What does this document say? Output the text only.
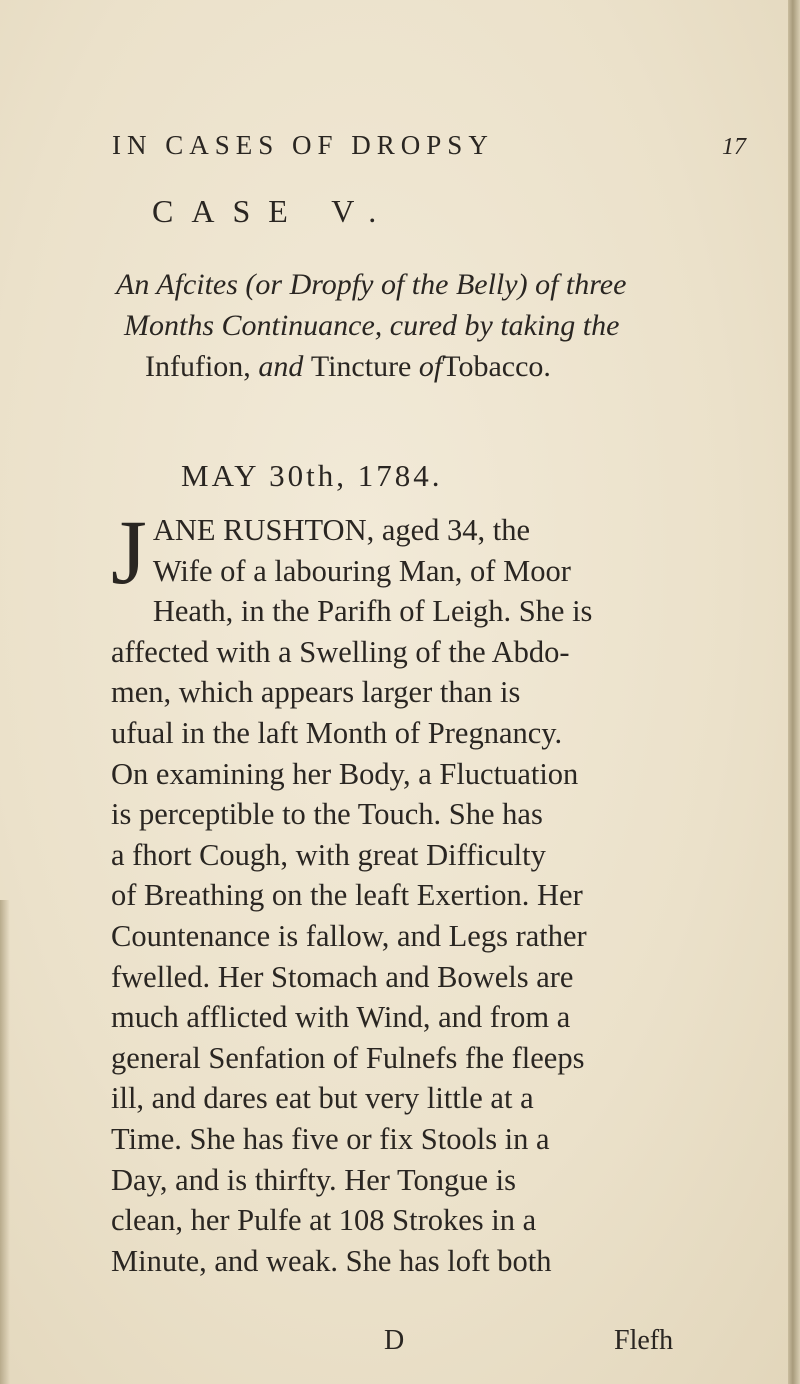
IN CASES OF DROPSY	17
CASE V.
An Afcites (or Dropfy of the Belly) of three
Months Continuance, cured by taking the
Infufion, and Tincture ofTobacco.
MAY 30th, 1784.
J ANE RUSHTON, aged 34, the
Wife of a labouring Man, of Moor
Heath, in the Parifh of Leigh. She is
affected with a Swelling of the Abdo-
men, which appears larger than is
ufual in the laft Month of Pregnancy.
On examining her Body, a Fluctuation
is perceptible to the Touch. She has
a fhort Cough, with great Difficulty
of Breathing on the leaft Exertion. Her
Countenance is fallow, and Legs rather
fwelled. Her Stomach and Bowels are
much afflicted with Wind, and from a
general Senfation of Fulnefs fhe fleeps
ill, and dares eat but very little at a
Time. She has five or fix Stools in a
Day, and is thirfty. Her Tongue is
clean, her Pulfe at 108 Strokes in a
Minute, and weak. She has loft both
D	Flefh
